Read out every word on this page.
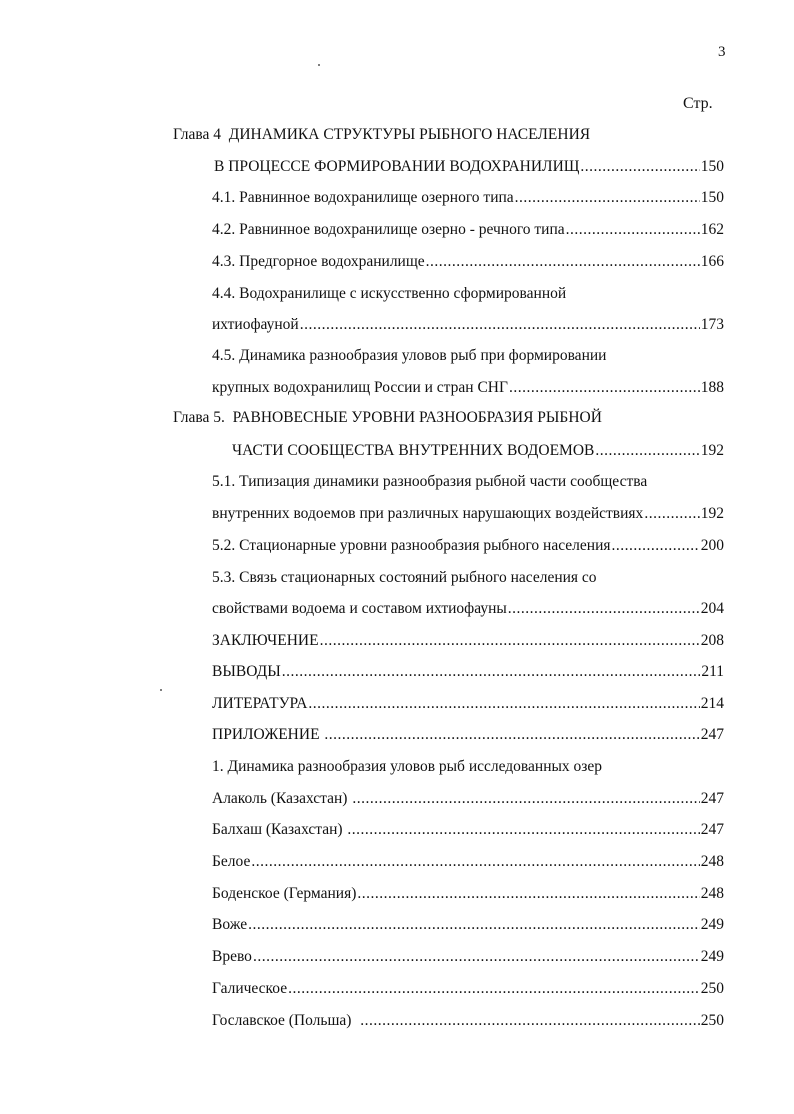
3
Стр.
Глава 4  ДИНАМИКА СТРУКТУРЫ РЫБНОГО НАСЕЛЕНИЯ
В ПРОЦЕССЕ ФОРМИРОВАНИИ ВОДОХРАНИЛИЩ .....	150
4.1. Равнинное водохранилище озерного типа .....	150
4.2. Равнинное водохранилище озерно - речного типа .....	162
4.3. Предгорное водохранилище .....	166
4.4. Водохранилище с искусственно сформированной
ихтиофауной .....	173
4.5. Динамика разнообразия уловов рыб при формировании
крупных водохранилищ России и стран СНГ .....	188
Глава 5.  РАВНОВЕСНЫЕ УРОВНИ РАЗНООБРАЗИЯ РЫБНОЙ
ЧАСТИ СООБЩЕСТВА ВНУТРЕННИХ ВОДОЕМОВ .....	192
5.1. Типизация динамики разнообразия рыбной части сообщества
внутренних водоемов при различных нарушающих воздействиях .....	192
5.2. Стационарные уровни разнообразия рыбного населения .....	200
5.3. Связь стационарных состояний рыбного населения со
свойствами водоема и составом ихтиофауны .....	204
ЗАКЛЮЧЕНИЕ .....	208
ВЫВОДЫ .....	211
ЛИТЕРАТУРА .....	214
ПРИЛОЖЕНИЕ .....	247
1. Динамика разнообразия уловов рыб исследованных озер
Алаколь (Казахстан) .....	247
Балхаш (Казахстан) .....	247
Белое .....	248
Боденское (Германия) .....	248
Воже .....	249
Врево .....	249
Галическое .....	250
Гославское (Польша) .....	250
